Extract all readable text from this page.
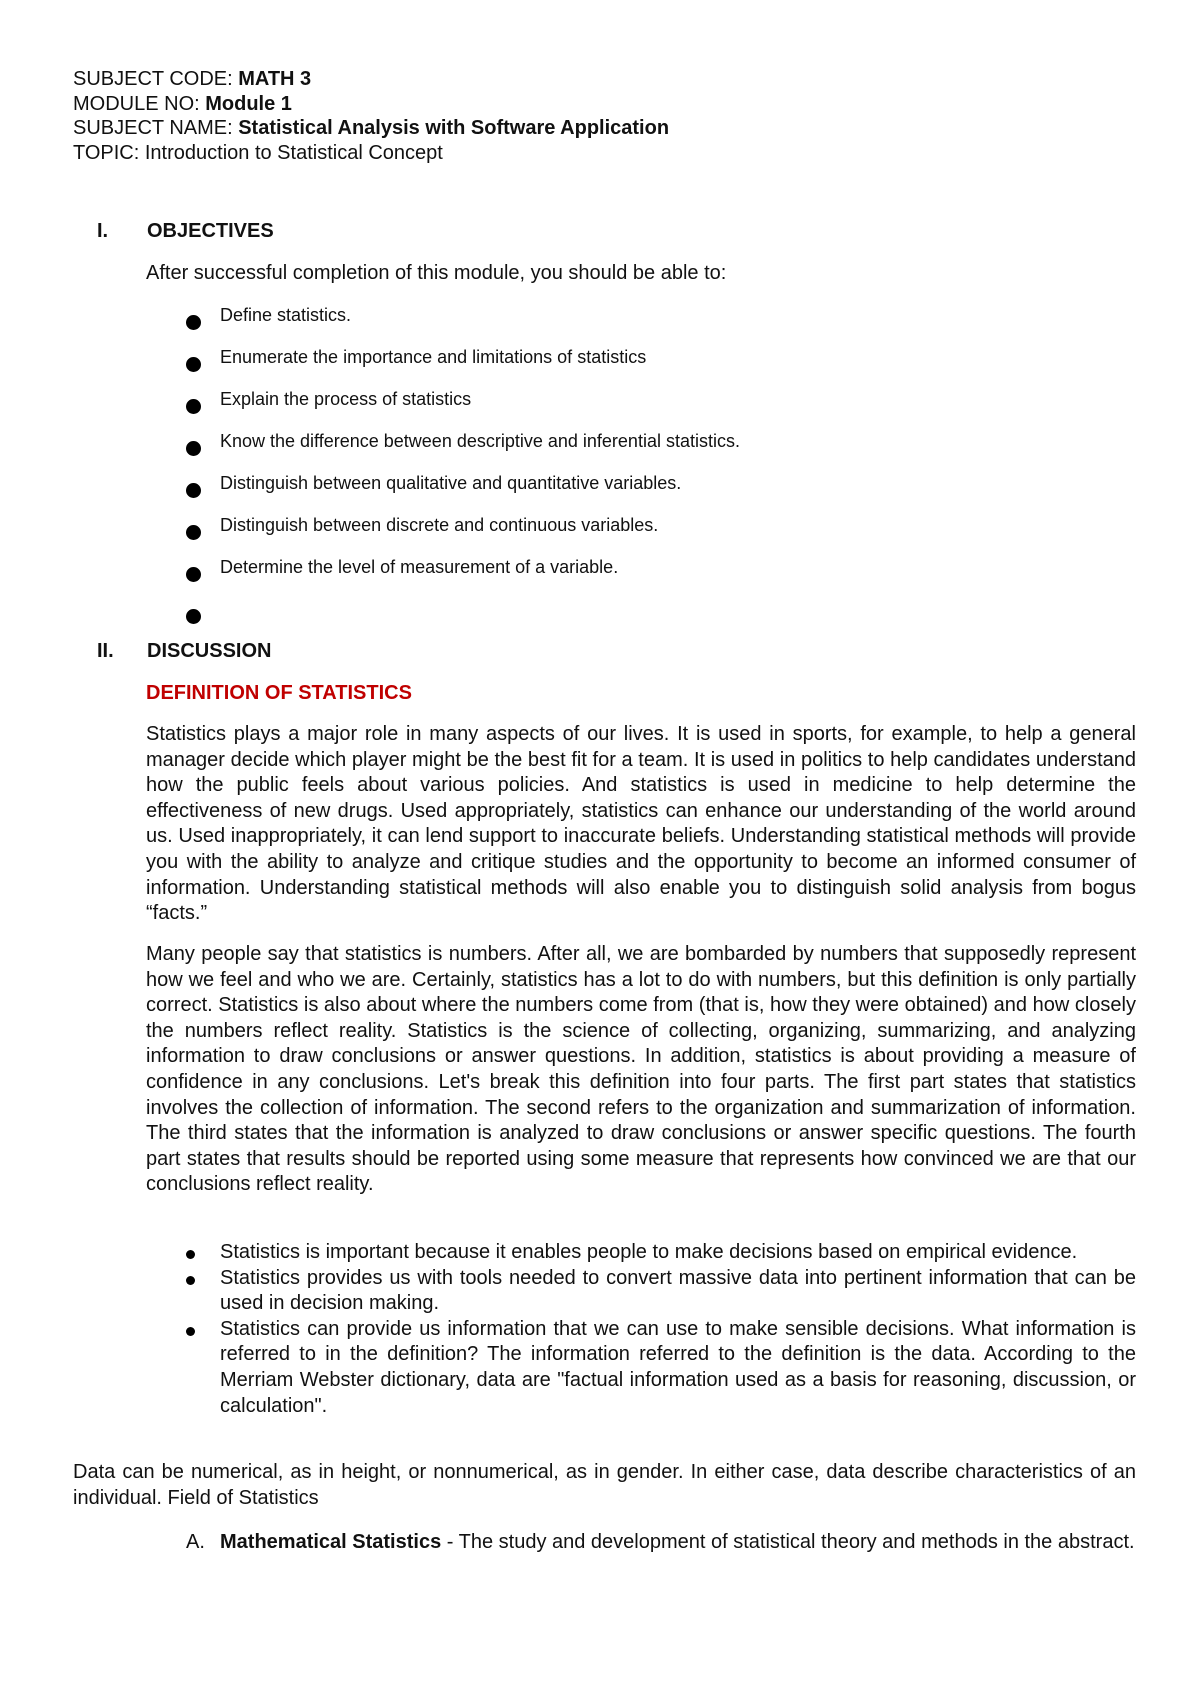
SUBJECT CODE: MATH 3
MODULE NO: Module 1
SUBJECT NAME: Statistical Analysis with Software Application
TOPIC: Introduction to Statistical Concept
I. OBJECTIVES
After successful completion of this module, you should be able to:
Define statistics.
Enumerate the importance and limitations of statistics
Explain the process of statistics
Know the difference between descriptive and inferential statistics.
Distinguish between qualitative and quantitative variables.
Distinguish between discrete and continuous variables.
Determine the level of measurement of a variable.
II. DISCUSSION
DEFINITION OF STATISTICS

Statistics plays a major role in many aspects of our lives. It is used in sports, for example, to help a general manager decide which player might be the best fit for a team. It is used in politics to help candidates understand how the public feels about various policies. And statistics is used in medicine to help determine the effectiveness of new drugs. Used appropriately, statistics can enhance our understanding of the world around us. Used inappropriately, it can lend support to inaccurate beliefs. Understanding statistical methods will provide you with the ability to analyze and critique studies and the opportunity to become an informed consumer of information. Understanding statistical methods will also enable you to distinguish solid analysis from bogus “facts.”

Many people say that statistics is numbers. After all, we are bombarded by numbers that supposedly represent how we feel and who we are. Certainly, statistics has a lot to do with numbers, but this definition is only partially correct. Statistics is also about where the numbers come from (that is, how they were obtained) and how closely the numbers reflect reality. Statistics is the science of collecting, organizing, summarizing, and analyzing information to draw conclusions or answer questions. In addition, statistics is about providing a measure of confidence in any conclusions. Let's break this definition into four parts. The first part states that statistics involves the collection of information. The second refers to the organization and summarization of information. The third states that the information is analyzed to draw conclusions or answer specific questions. The fourth part states that results should be reported using some measure that represents how convinced we are that our conclusions reflect reality.

Statistics is important because it enables people to make decisions based on empirical evidence.
Statistics provides us with tools needed to convert massive data into pertinent information that can be used in decision making.
Statistics can provide us information that we can use to make sensible decisions. What information is referred to in the definition? The information referred to the definition is the data. According to the Merriam Webster dictionary, data are "factual information used as a basis for reasoning, discussion, or calculation".

Data can be numerical, as in height, or nonnumerical, as in gender. In either case, data describe characteristics of an individual. Field of Statistics

A. Mathematical Statistics - The study and development of statistical theory and methods in the abstract.
